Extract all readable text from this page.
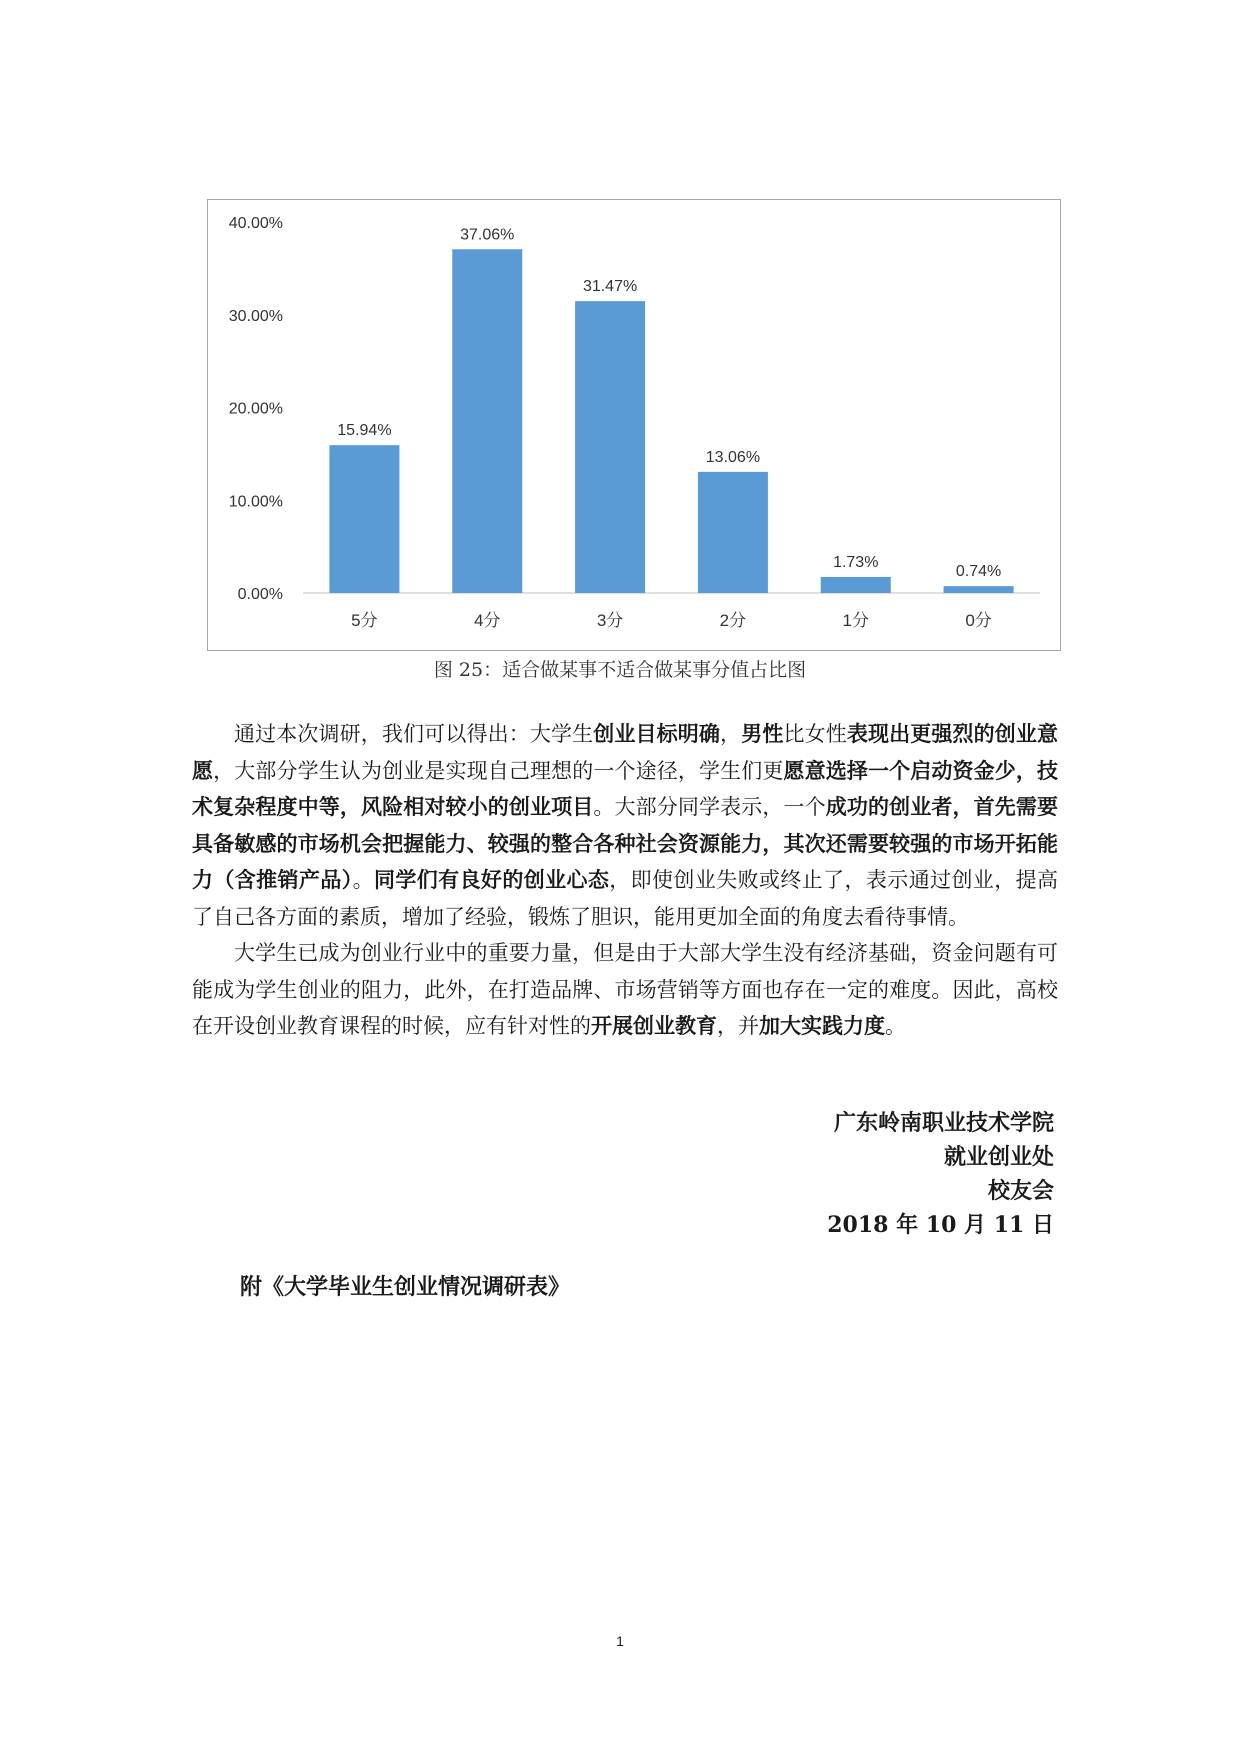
0.00%
10.00%
20.00%
30.00%
40.00%
15.94%
5分
37.06%
4分
31.47%
3分
13.06%
2分
1.73%
1分
0.74%
0分
图 25：适合做某事不适合做某事分值占比图

通过本次调研，我们可以得出：大学生创业目标明确，男性比女性表现出更强烈的创业意愿，大部分学生认为创业是实现自己理想的一个途径，学生们更愿意选择一个启动资金少，技术复杂程度中等，风险相对较小的创业项目。大部分同学表示，一个成功的创业者，首先需要具备敏感的市场机会把握能力、较强的整合各种社会资源能力，其次还需要较强的市场开拓能力（含推销产品）。同学们有良好的创业心态，即使创业失败或终止了，表示通过创业，提高了自己各方面的素质，增加了经验，锻炼了胆识，能用更加全面的角度去看待事情。

大学生已成为创业行业中的重要力量，但是由于大部大学生没有经济基础，资金问题有可能成为学生创业的阻力，此外，在打造品牌、市场营销等方面也存在一定的难度。因此，高校在开设创业教育课程的时候，应有针对性的开展创业教育，并加大实践力度。

广东岭南职业技术学院
就业创业处
校友会
2018 年 10 月 11 日
附《大学毕业生创业情况调研表》
1
